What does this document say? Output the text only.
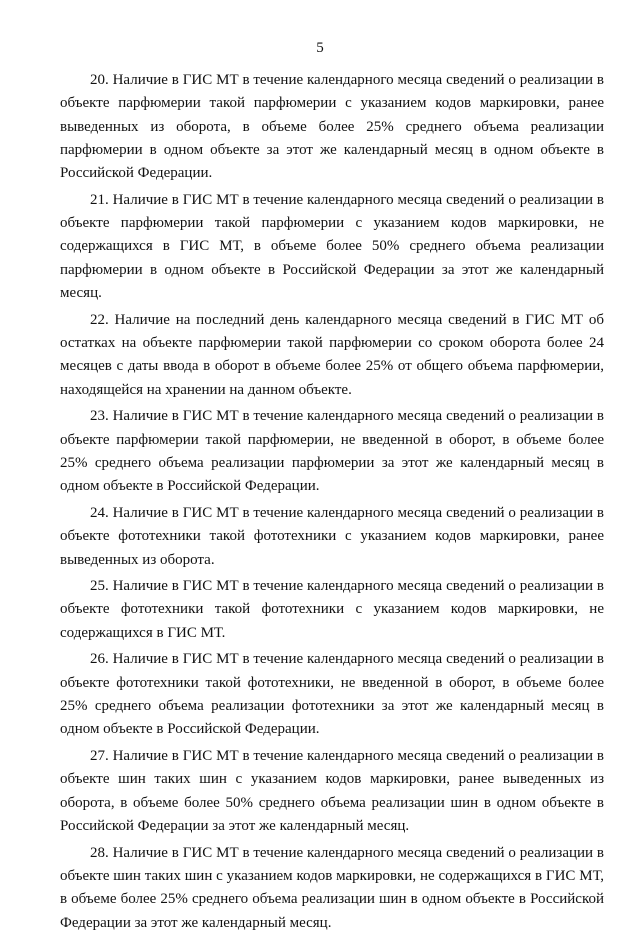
5

20. Наличие в ГИС МТ в течение календарного месяца сведений о реализации в объекте парфюмерии такой парфюмерии с указанием кодов маркировки, ранее выведенных из оборота, в объеме более 25% среднего объема реализации парфюмерии в одном объекте за этот же календарный месяц в одном объекте в Российской Федерации.

21. Наличие в ГИС МТ в течение календарного месяца сведений о реализации в объекте парфюмерии такой парфюмерии с указанием кодов маркировки, не содержащихся в ГИС МТ, в объеме более 50% среднего объема реализации парфюмерии в одном объекте в Российской Федерации за этот же календарный месяц.

22. Наличие на последний день календарного месяца сведений в ГИС МТ об остатках на объекте парфюмерии такой парфюмерии со сроком оборота более 24 месяцев с даты ввода в оборот в объеме более 25% от общего объема парфюмерии, находящейся на хранении на данном объекте.

23. Наличие в ГИС МТ в течение календарного месяца сведений о реализации в объекте парфюмерии такой парфюмерии, не введенной в оборот, в объеме более 25% среднего объема реализации парфюмерии за этот же календарный месяц в одном объекте в Российской Федерации.

24. Наличие в ГИС МТ в течение календарного месяца сведений о реализации в объекте фототехники такой фототехники с указанием кодов маркировки, ранее выведенных из оборота.

25. Наличие в ГИС МТ в течение календарного месяца сведений о реализации в объекте фототехники такой фототехники с указанием кодов маркировки, не содержащихся в ГИС МТ.

26. Наличие в ГИС МТ в течение календарного месяца сведений о реализации в объекте фототехники такой фототехники, не введенной в оборот, в объеме более 25% среднего объема реализации фототехники за этот же календарный месяц в одном объекте в Российской Федерации.

27. Наличие в ГИС МТ в течение календарного месяца сведений о реализации в объекте шин таких шин с указанием кодов маркировки, ранее выведенных из оборота, в объеме более 50% среднего объема реализации шин в одном объекте в Российской Федерации за этот же календарный месяц.

28. Наличие в ГИС МТ в течение календарного месяца сведений о реализации в объекте шин таких шин с указанием кодов маркировки, не содержащихся в ГИС МТ, в объеме более 25% среднего объема реализации шин в одном объекте в Российской Федерации за этот же календарный месяц.
